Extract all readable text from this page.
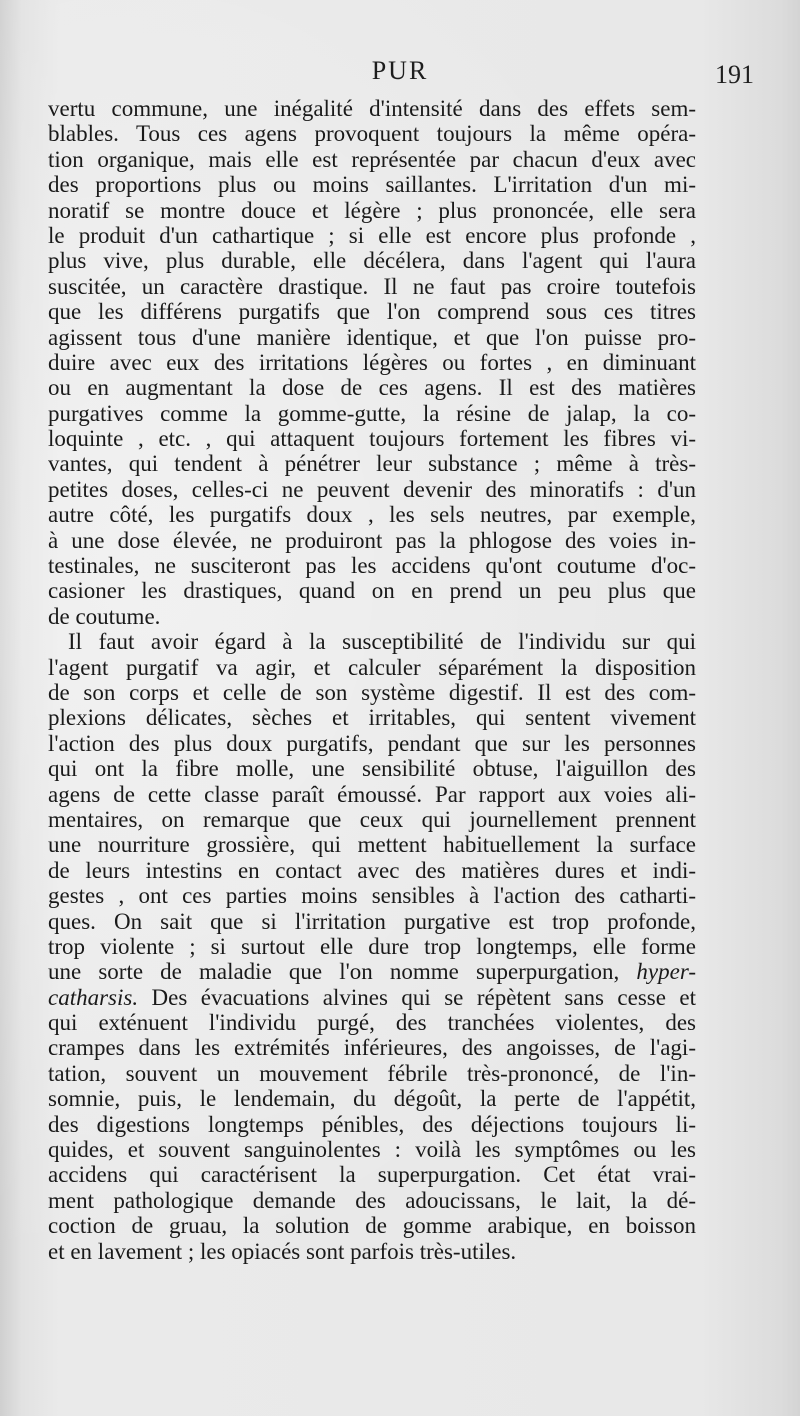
PUR	191
vertu commune, une inégalité d'intensité dans des effets sem-
blables. Tous ces agens provoquent toujours la même opéra-
tion organique, mais elle est représentée par chacun d'eux avec
des proportions plus ou moins saillantes. L'irritation d'un mi-
noratif se montre douce et légère ; plus prononcée, elle sera
le produit d'un cathartique ; si elle est encore plus profonde ,
plus vive, plus durable, elle décélera, dans l'agent qui l'aura
suscitée, un caractère drastique. Il ne faut pas croire toutefois
que les différens purgatifs que l'on comprend sous ces titres
agissent tous d'une manière identique, et que l'on puisse pro-
duire avec eux des irritations légères ou fortes , en diminuant
ou en augmentant la dose de ces agens. Il est des matières
purgatives comme la gomme-gutte, la résine de jalap, la co-
loquinte , etc. , qui attaquent toujours fortement les fibres vi-
vantes, qui tendent à pénétrer leur substance ; même à très-
petites doses, celles-ci ne peuvent devenir des minoratifs : d'un
autre côté, les purgatifs doux , les sels neutres, par exemple,
à une dose élevée, ne produiront pas la phlogose des voies in-
testinales, ne susciteront pas les accidens qu'ont coutume d'oc-
casioner les drastiques, quand on en prend un peu plus que
de coutume.
Il faut avoir égard à la susceptibilité de l'individu sur qui
l'agent purgatif va agir, et calculer séparément la disposition
de son corps et celle de son système digestif. Il est des com-
plexions délicates, sèches et irritables, qui sentent vivement
l'action des plus doux purgatifs, pendant que sur les personnes
qui ont la fibre molle, une sensibilité obtuse, l'aiguillon des
agens de cette classe paraît émoussé. Par rapport aux voies ali-
mentaires, on remarque que ceux qui journellement prennent
une nourriture grossière, qui mettent habituellement la surface
de leurs intestins en contact avec des matières dures et indi-
gestes , ont ces parties moins sensibles à l'action des catharti-
ques. On sait que si l'irritation purgative est trop profonde,
trop violente ; si surtout elle dure trop longtemps, elle forme
une sorte de maladie que l'on nomme superpurgation, hyper-
catharsis. Des évacuations alvines qui se répètent sans cesse et
qui exténuent l'individu purgé, des tranchées violentes, des
crampes dans les extrémités inférieures, des angoisses, de l'agi-
tation, souvent un mouvement fébrile très-prononcé, de l'in-
somnie, puis, le lendemain, du dégoût, la perte de l'appétit,
des digestions longtemps pénibles, des déjections toujours li-
quides, et souvent sanguinolentes : voilà les symptômes ou les
accidens qui caractérisent la superpurgation. Cet état vrai-
ment pathologique demande des adoucissans, le lait, la dé-
coction de gruau, la solution de gomme arabique, en boisson
et en lavement ; les opiacés sont parfois très-utiles.
